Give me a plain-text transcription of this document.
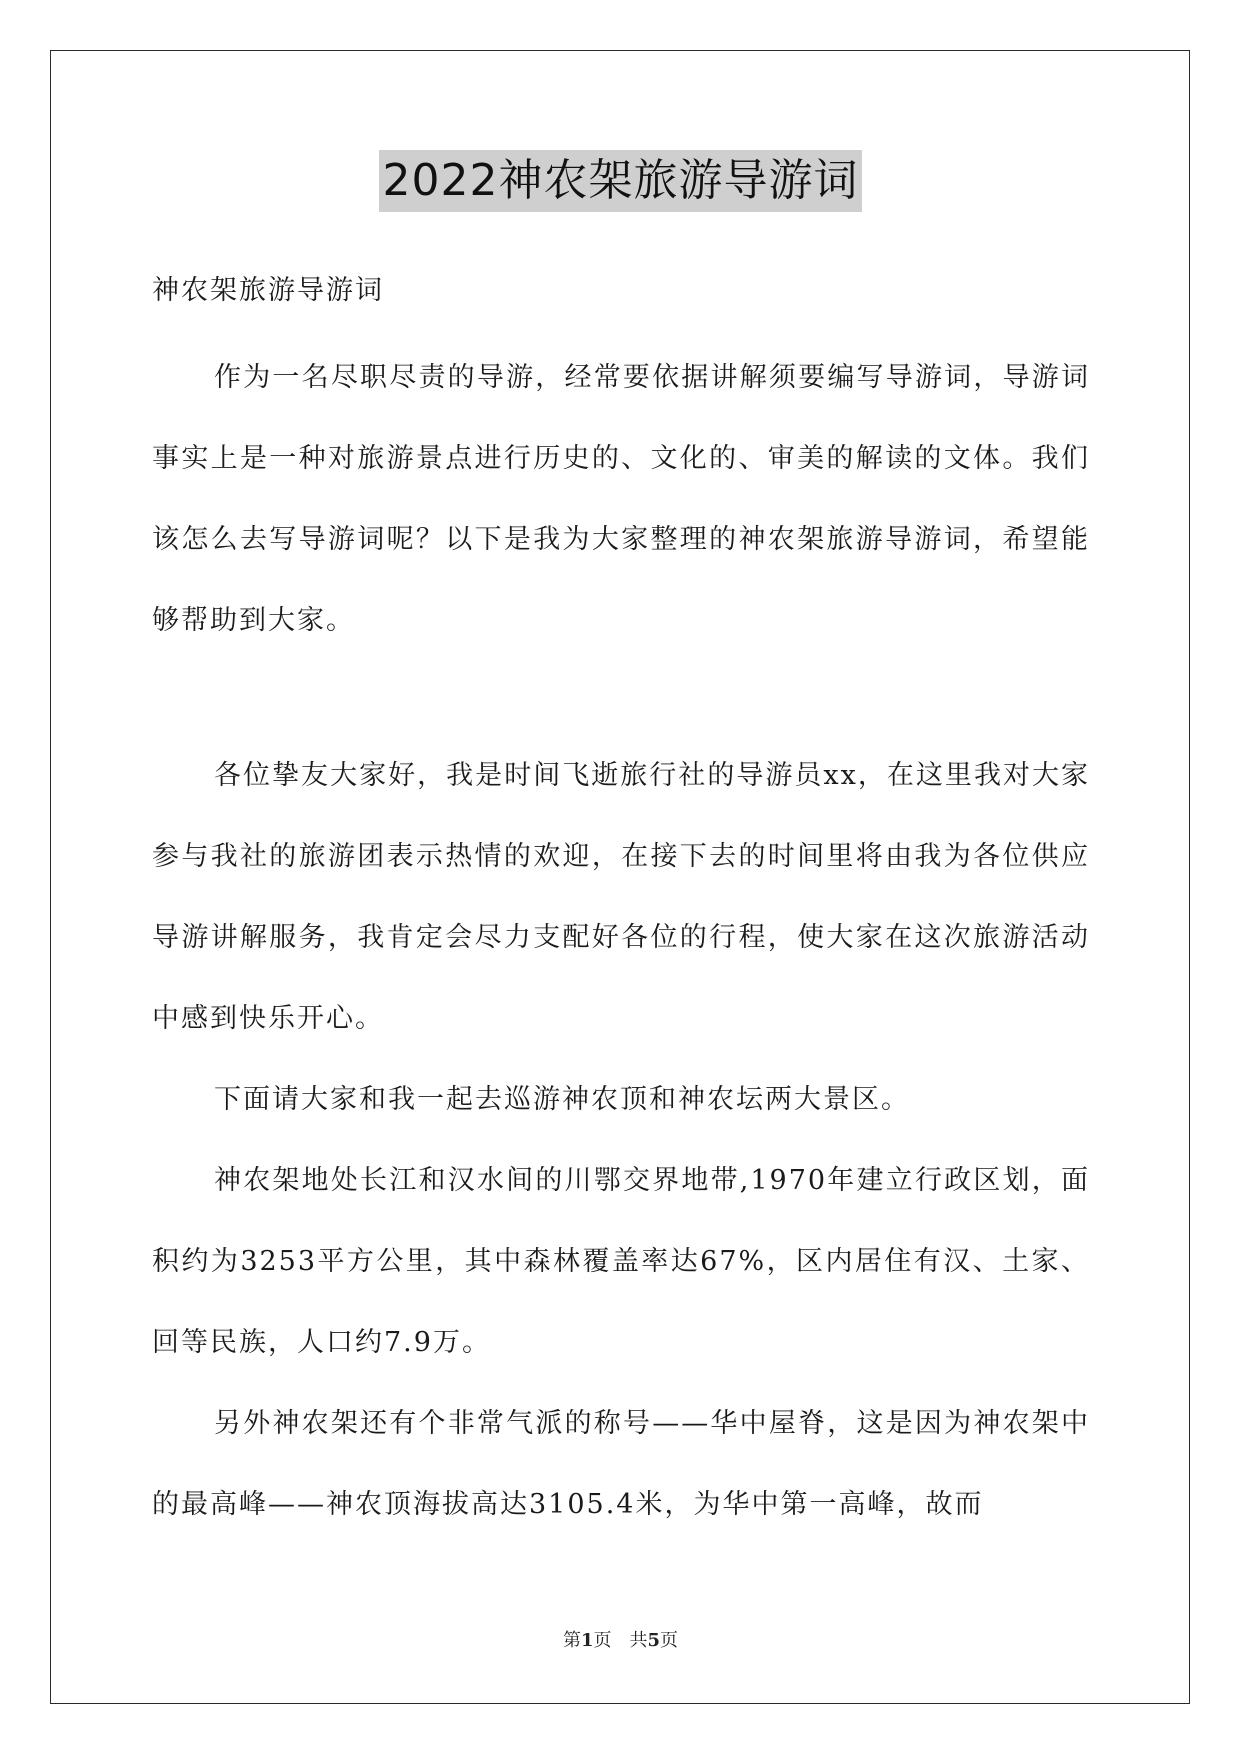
2022神农架旅游导游词

神农架旅游导游词

作为一名尽职尽责的导游，经常要依据讲解须要编写导游词，导游词事实上是一种对旅游景点进行历史的、文化的、审美的解读的文体。我们该怎么去写导游词呢？以下是我为大家整理的神农架旅游导游词，希望能够帮助到大家。

各位挚友大家好，我是时间飞逝旅行社的导游员xx，在这里我对大家参与我社的旅游团表示热情的欢迎，在接下去的时间里将由我为各位供应导游讲解服务，我肯定会尽力支配好各位的行程，使大家在这次旅游活动中感到快乐开心。

下面请大家和我一起去巡游神农顶和神农坛两大景区。

神农架地处长江和汉水间的川鄂交界地带,1970年建立行政区划，面积约为3253平方公里，其中森林覆盖率达67%，区内居住有汉、土家、回等民族，人口约7.9万。

另外神农架还有个非常气派的称号——华中屋脊，这是因为神农架中的最高峰——神农顶海拔高达3105.4米，为华中第一高峰，故而

第1页　共5页
